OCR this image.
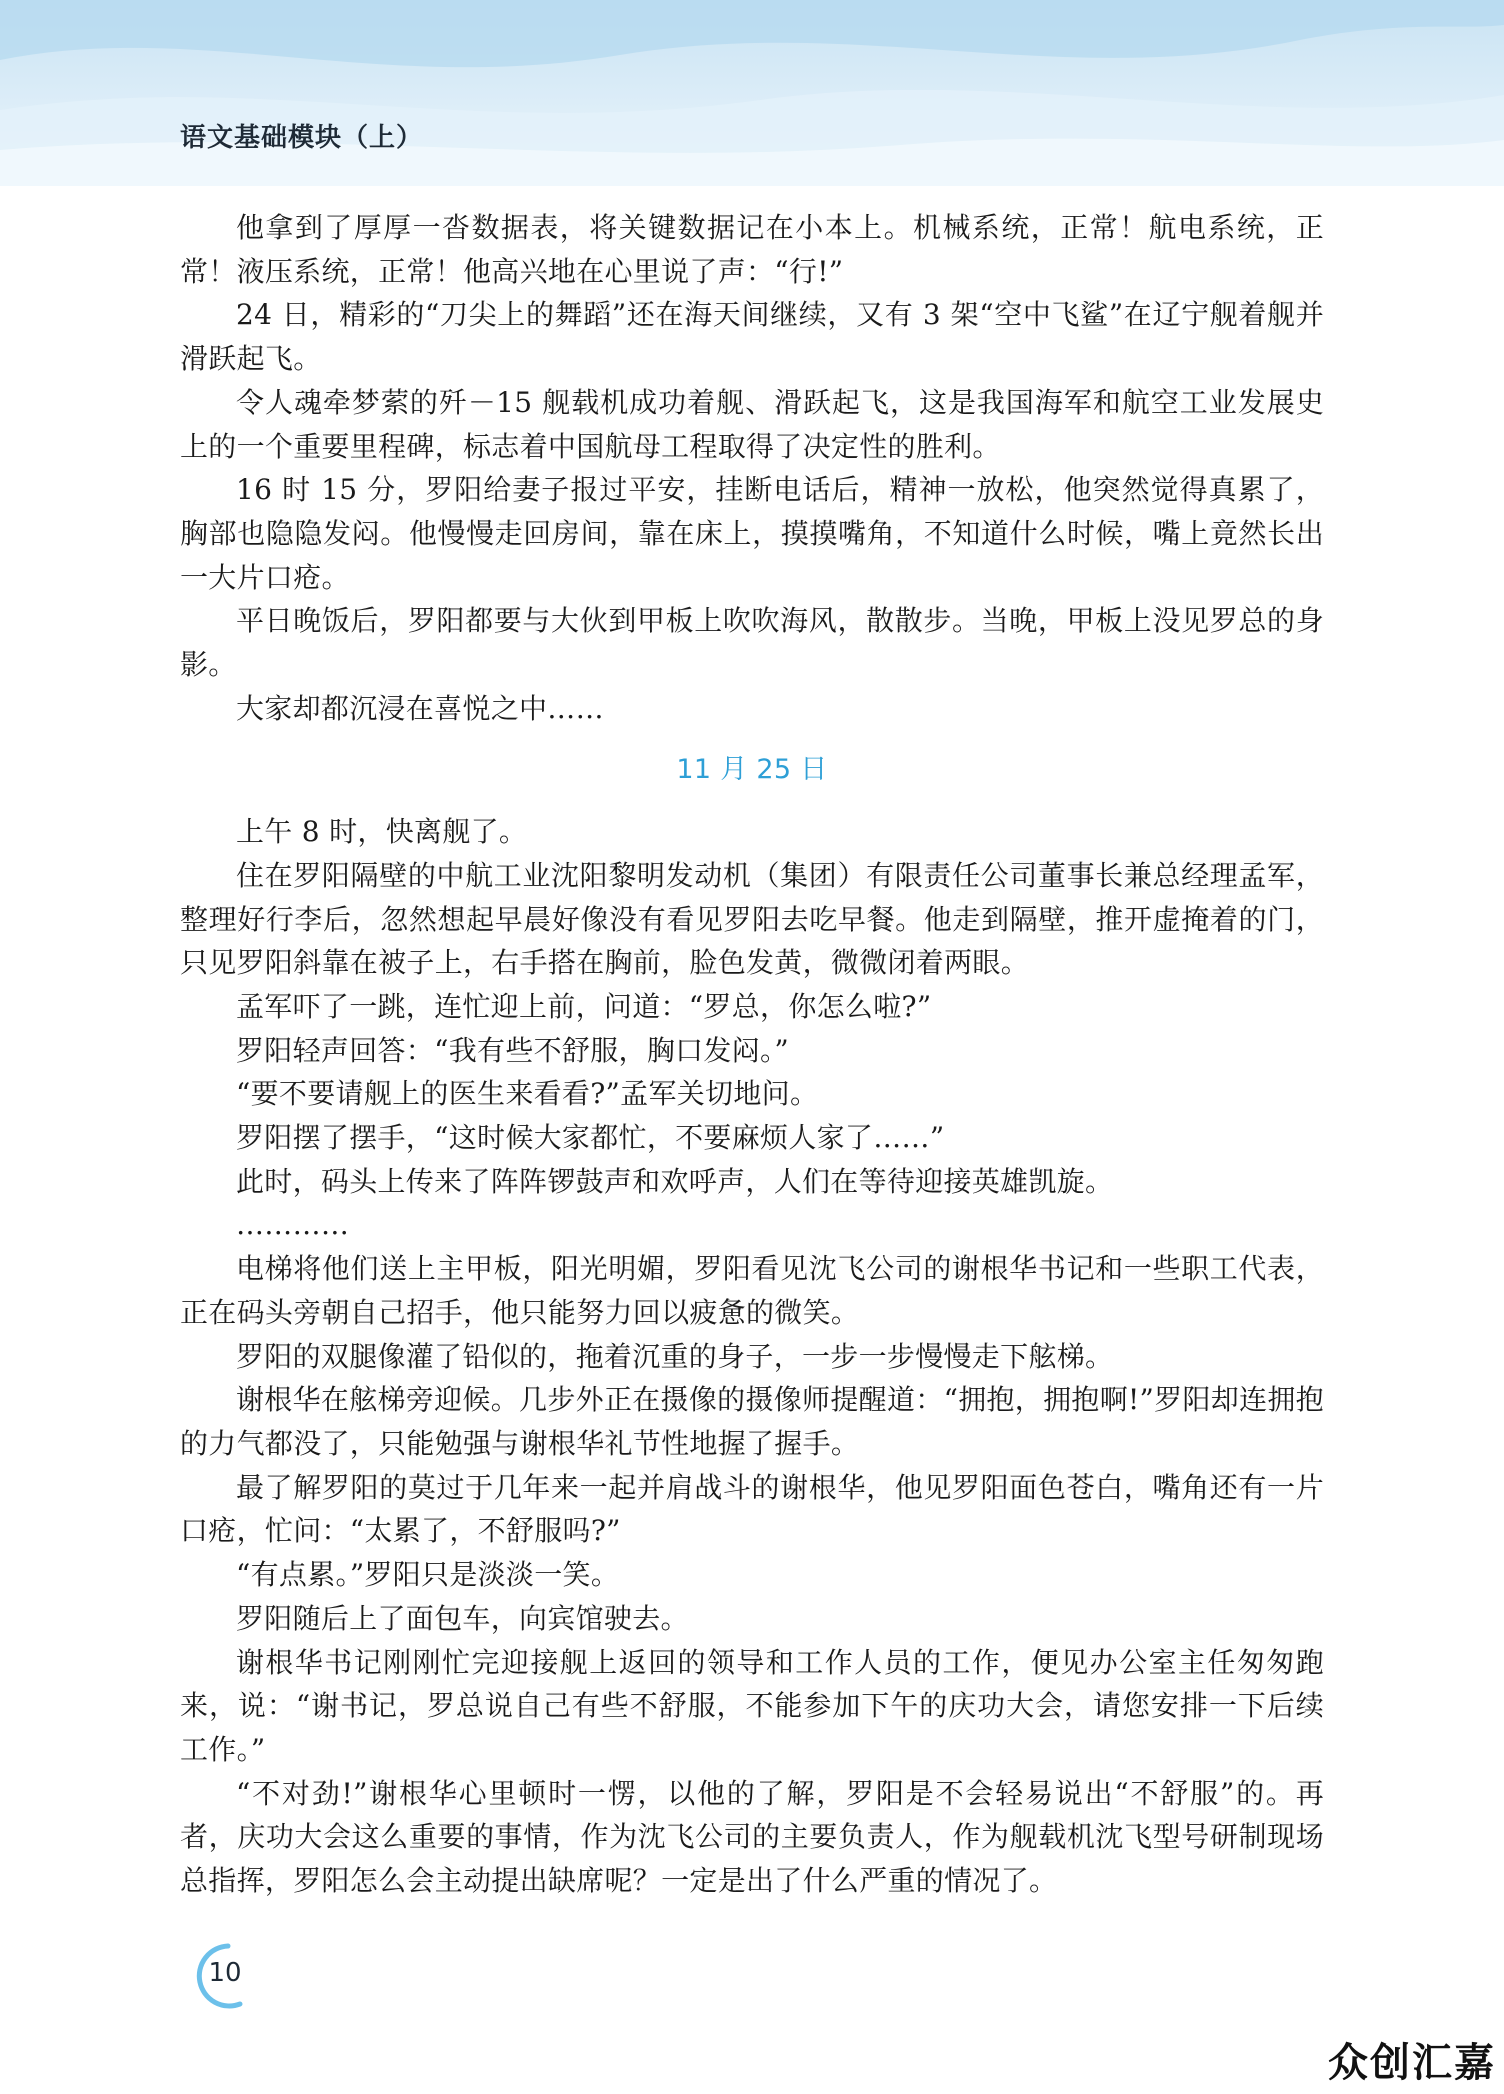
语文基础模块（上）

他拿到了厚厚一沓数据表，将关键数据记在小本上。机械系统，正常！航电系统，正常！液压系统，正常！他高兴地在心里说了声：“行!”

24 日，精彩的“刀尖上的舞蹈”还在海天间继续，又有 3 架“空中飞鲨”在辽宁舰着舰并滑跃起飞。

令人魂牵梦萦的歼－15 舰载机成功着舰、滑跃起飞，这是我国海军和航空工业发展史上的一个重要里程碑，标志着中国航母工程取得了决定性的胜利。

16 时 15 分，罗阳给妻子报过平安，挂断电话后，精神一放松，他突然觉得真累了，胸部也隐隐发闷。他慢慢走回房间，靠在床上，摸摸嘴角，不知道什么时候，嘴上竟然长出一大片口疮。

平日晚饭后，罗阳都要与大伙到甲板上吹吹海风，散散步。当晚，甲板上没见罗总的身影。

大家却都沉浸在喜悦之中……

11 月 25 日

上午 8 时，快离舰了。

住在罗阳隔壁的中航工业沈阳黎明发动机（集团）有限责任公司董事长兼总经理孟军，整理好行李后，忽然想起早晨好像没有看见罗阳去吃早餐。他走到隔壁，推开虚掩着的门，只见罗阳斜靠在被子上，右手搭在胸前，脸色发黄，微微闭着两眼。

孟军吓了一跳，连忙迎上前，问道：“罗总，你怎么啦?”

罗阳轻声回答：“我有些不舒服，胸口发闷。”

“要不要请舰上的医生来看看?”孟军关切地问。

罗阳摆了摆手，“这时候大家都忙，不要麻烦人家了……”

此时，码头上传来了阵阵锣鼓声和欢呼声，人们在等待迎接英雄凯旋。

…………

电梯将他们送上主甲板，阳光明媚，罗阳看见沈飞公司的谢根华书记和一些职工代表，正在码头旁朝自己招手，他只能努力回以疲惫的微笑。

罗阳的双腿像灌了铅似的，拖着沉重的身子，一步一步慢慢走下舷梯。

谢根华在舷梯旁迎候。几步外正在摄像的摄像师提醒道：“拥抱，拥抱啊!”罗阳却连拥抱的力气都没了，只能勉强与谢根华礼节性地握了握手。

最了解罗阳的莫过于几年来一起并肩战斗的谢根华，他见罗阳面色苍白，嘴角还有一片口疮，忙问：“太累了，不舒服吗?”

“有点累。”罗阳只是淡淡一笑。

罗阳随后上了面包车，向宾馆驶去。

谢根华书记刚刚忙完迎接舰上返回的领导和工作人员的工作，便见办公室主任匆匆跑来，说：“谢书记，罗总说自己有些不舒服，不能参加下午的庆功大会，请您安排一下后续工作。”

“不对劲!”谢根华心里顿时一愣，以他的了解，罗阳是不会轻易说出“不舒服”的。再者，庆功大会这么重要的事情，作为沈飞公司的主要负责人，作为舰载机沈飞型号研制现场总指挥，罗阳怎么会主动提出缺席呢？一定是出了什么严重的情况了。

10
众创汇嘉
